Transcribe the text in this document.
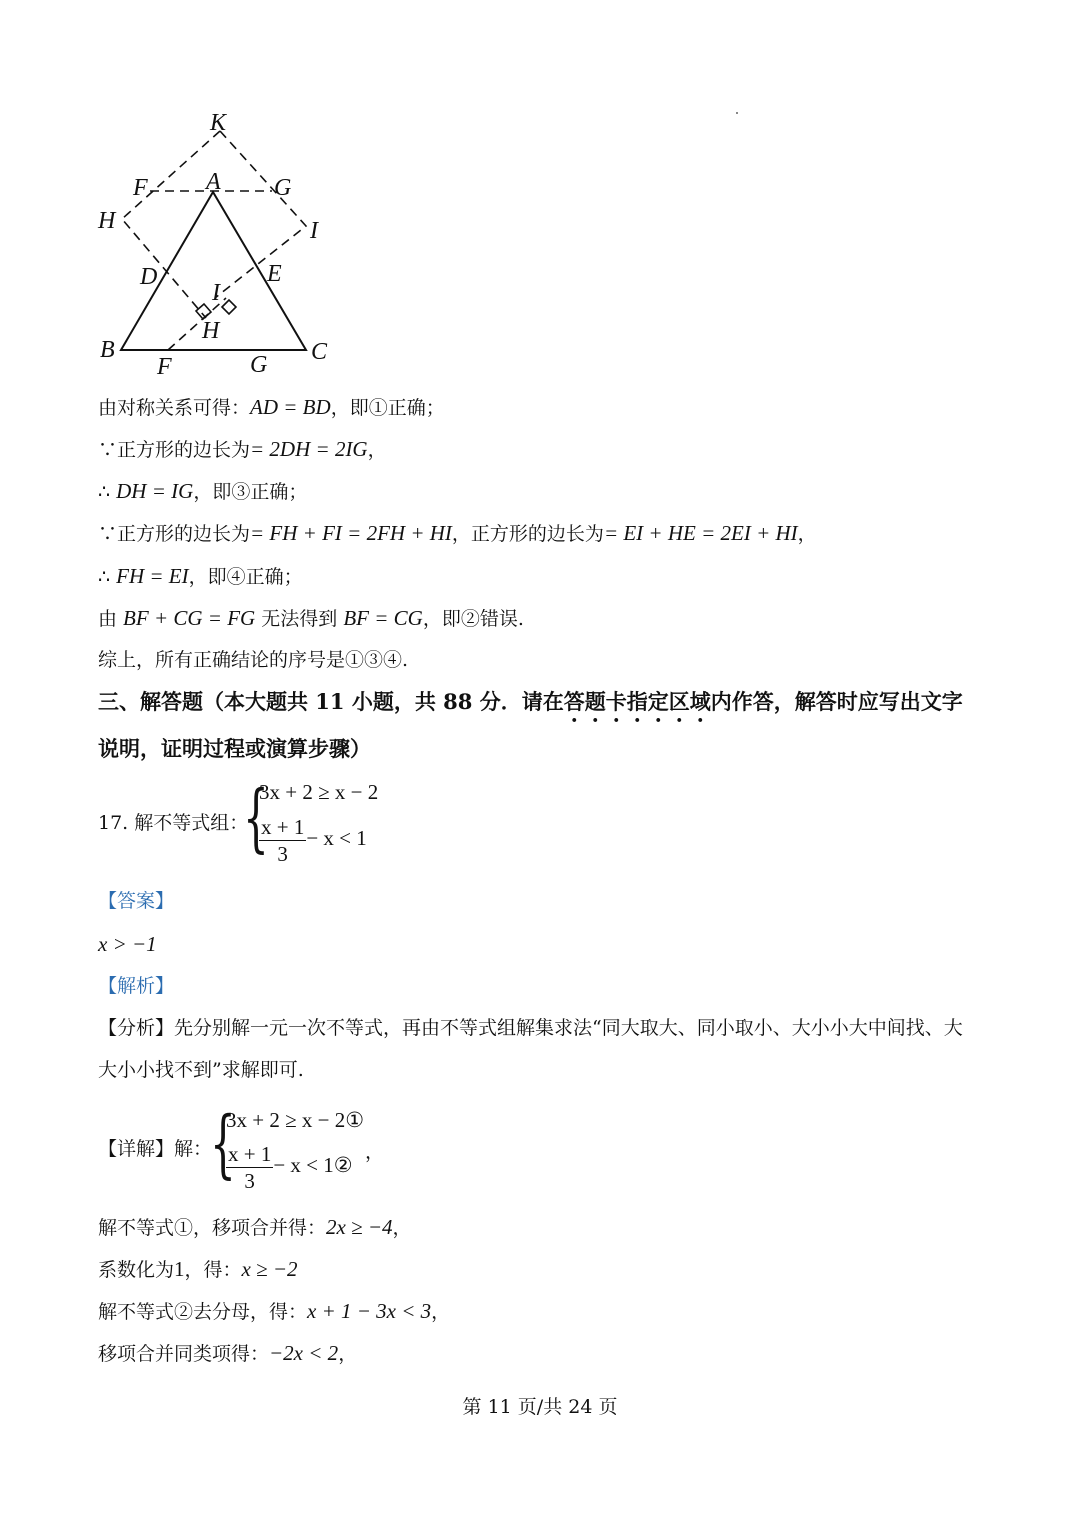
K
F A G
H	I
D	E
I
H
B
F	G C
由对称关系可得：AD = BD，即①正确；
∵正方形的边长为= 2DH = 2IG，
∴ DH = IG，即③正确；
∵正方形的边长为= FH + FI = 2FH + HI，正方形的边长为= EI + HE = 2EI + HI，
∴ FH = EI，即④正确；
由 BF + CG = FG 无法得到 BF = CG，即②错误.
综上，所有正确结论的序号是①③④.
三、解答题（本大题共 11 小题，共 88 分．请在答题卡指定区域内作答，解答时应写出文字
说明，证明过程或演算步骤）
17. 解不等式组：
{
3x + 2 ≥ x − 2
$\frac{x + 1}{3} - x < 1$
【答案】
x > −1
【解析】
【分析】先分别解一元一次不等式，再由不等式组解集求法“同大取大、同小取小、大小小大中间找、大
大小小找不到”求解即可.
【详解】解：
{
3x + 2 ≥ x − 2①
$\frac{x + 1}{3} - x$ < 1②
，
解不等式①，移项合并得：2x ≥ −4，
系数化为1，得：x ≥ −2
解不等式②去分母，得：x + 1 − 3x < 3，
移项合并同类项得：−2x < 2，
第 11 页/共 24 页
